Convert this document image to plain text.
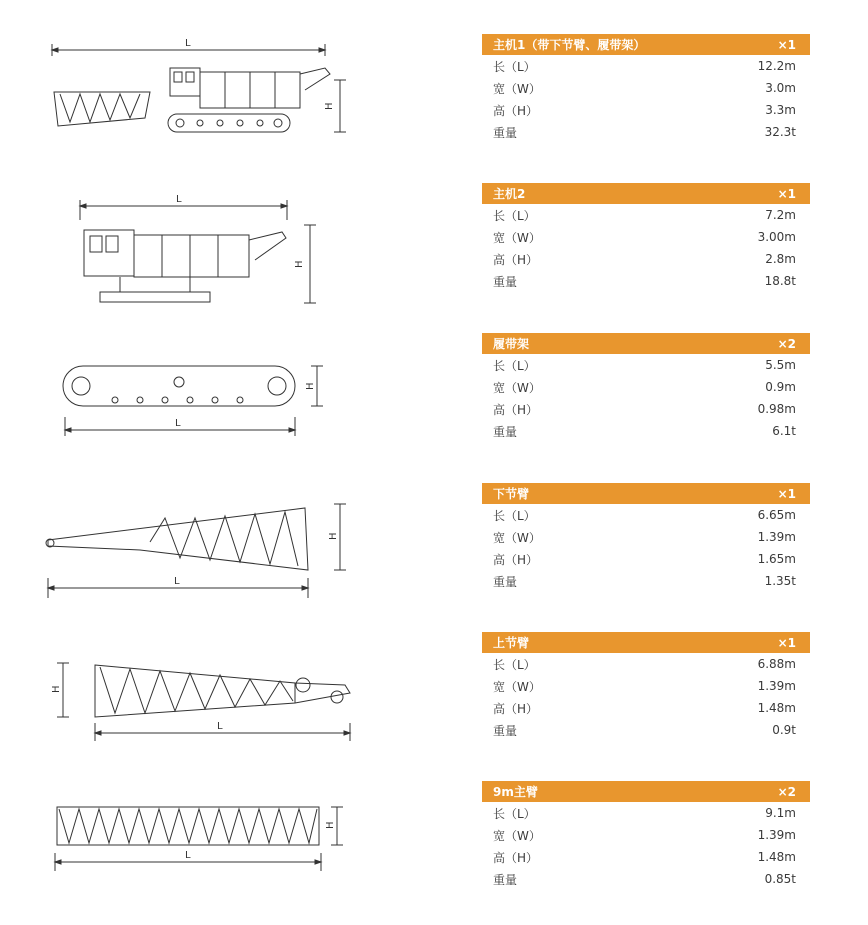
L
H
L
H
H
L
H
L
H
L
H
L
主机1（带下节臂、履带架）	×1
长（L）	12.2m
宽（W）	3.0m
高（H）	3.3m
重量	32.3t
主机2	×1
长（L）	7.2m
宽（W）	3.00m
高（H）	2.8m
重量	18.8t
履带架	×2
长（L）	5.5m
宽（W）	0.9m
高（H）	0.98m
重量	6.1t
下节臂	×1
长（L）	6.65m
宽（W）	1.39m
高（H）	1.65m
重量	1.35t
上节臂	×1
长（L）	6.88m
宽（W）	1.39m
高（H）	1.48m
重量	0.9t
9m主臂	×2
长（L）	9.1m
宽（W）	1.39m
高（H）	1.48m
重量	0.85t
